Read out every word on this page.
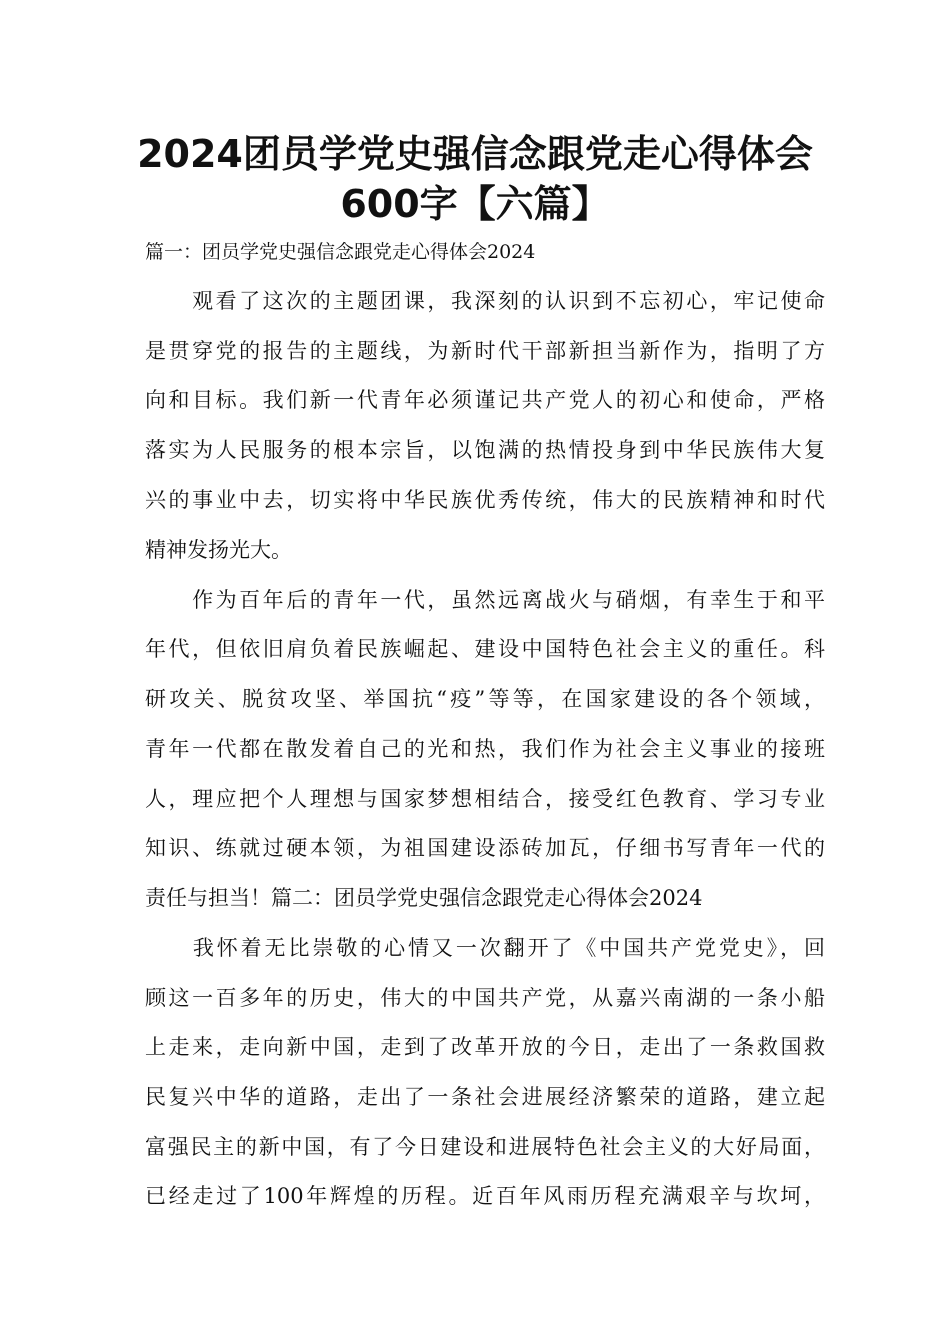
2024团员学党史强信念跟党走心得体会
600字【六篇】

篇一：团员学党史强信念跟党走心得体会2024

　　观看了这次的主题团课，我深刻的认识到不忘初心，牢记使命

是贯穿党的报告的主题线，为新时代干部新担当新作为，指明了方

向和目标。我们新一代青年必须谨记共产党人的初心和使命，严格

落实为人民服务的根本宗旨，以饱满的热情投身到中华民族伟大复

兴的事业中去，切实将中华民族优秀传统，伟大的民族精神和时代

精神发扬光大。

　　作为百年后的青年一代，虽然远离战火与硝烟，有幸生于和平

年代，但依旧肩负着民族崛起、建设中国特色社会主义的重任。科

研攻关、脱贫攻坚、举国抗“疫”等等，在国家建设的各个领域，

青年一代都在散发着自己的光和热，我们作为社会主义事业的接班

人，理应把个人理想与国家梦想相结合，接受红色教育、学习专业

知识、练就过硬本领，为祖国建设添砖加瓦，仔细书写青年一代的

责任与担当！篇二：团员学党史强信念跟党走心得体会2024

　　我怀着无比崇敬的心情又一次翻开了《中国共产党党史》，回

顾这一百多年的历史，伟大的中国共产党，从嘉兴南湖的一条小船

上走来，走向新中国，走到了改革开放的今日，走出了一条救国救

民复兴中华的道路，走出了一条社会进展经济繁荣的道路，建立起

富强民主的新中国，有了今日建设和进展特色社会主义的大好局面，

已经走过了100年辉煌的历程。近百年风雨历程充满艰辛与坎坷，
